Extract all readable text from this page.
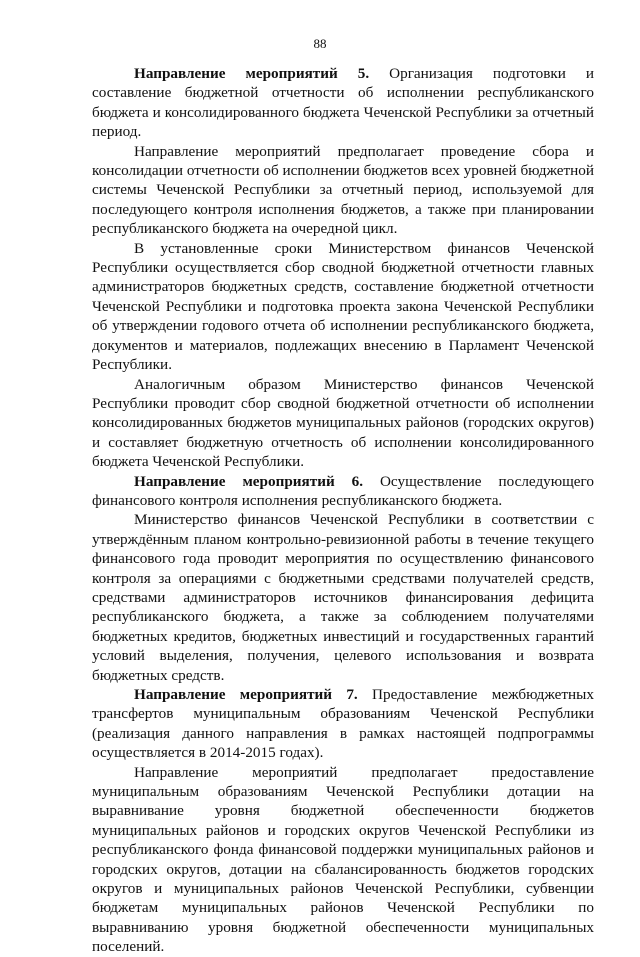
88

Направление мероприятий 5. Организация подготовки и составление бюджетной отчетности об исполнении республиканского бюджета и консолидированного бюджета Чеченской Республики за отчетный период.

Направление мероприятий предполагает проведение сбора и консолидации отчетности об исполнении бюджетов всех уровней бюджетной системы Чеченской Республики за отчетный период, используемой для последующего контроля исполнения бюджетов, а также при планировании республиканского бюджета на очередной цикл.

В установленные сроки Министерством финансов Чеченской Республики осуществляется сбор сводной бюджетной отчетности главных администраторов бюджетных средств, составление бюджетной отчетности Чеченской Республики и подготовка проекта закона Чеченской Республики об утверждении годового отчета об исполнении республиканского бюджета, документов и материалов, подлежащих внесению в Парламент Чеченской Республики.

Аналогичным образом Министерство финансов Чеченской Республики проводит сбор сводной бюджетной отчетности об исполнении консолидированных бюджетов муниципальных районов (городских округов) и составляет бюджетную отчетность об исполнении консолидированного бюджета Чеченской Республики.

Направление мероприятий 6. Осуществление последующего финансового контроля исполнения республиканского бюджета.

Министерство финансов Чеченской Республики в соответствии с утверждённым планом контрольно-ревизионной работы в течение текущего финансового года проводит мероприятия по осуществлению финансового контроля за операциями с бюджетными средствами получателей средств, средствами администраторов источников финансирования дефицита республиканского бюджета, а также за соблюдением получателями бюджетных кредитов, бюджетных инвестиций и государственных гарантий условий выделения, получения, целевого использования и возврата бюджетных средств.

Направление мероприятий 7. Предоставление межбюджетных трансфертов муниципальным образованиям Чеченской Республики (реализация данного направления в рамках настоящей подпрограммы осуществляется в 2014-2015 годах).

Направление мероприятий предполагает предоставление муниципальным образованиям Чеченской Республики дотации на выравнивание уровня бюджетной обеспеченности бюджетов муниципальных районов и городских округов Чеченской Республики из республиканского фонда финансовой поддержки муниципальных районов и городских округов, дотации на сбалансированность бюджетов городских округов и муниципальных районов Чеченской Республики, субвенции бюджетам муниципальных районов Чеченской Республики по выравниванию уровня бюджетной обеспеченности муниципальных поселений.
